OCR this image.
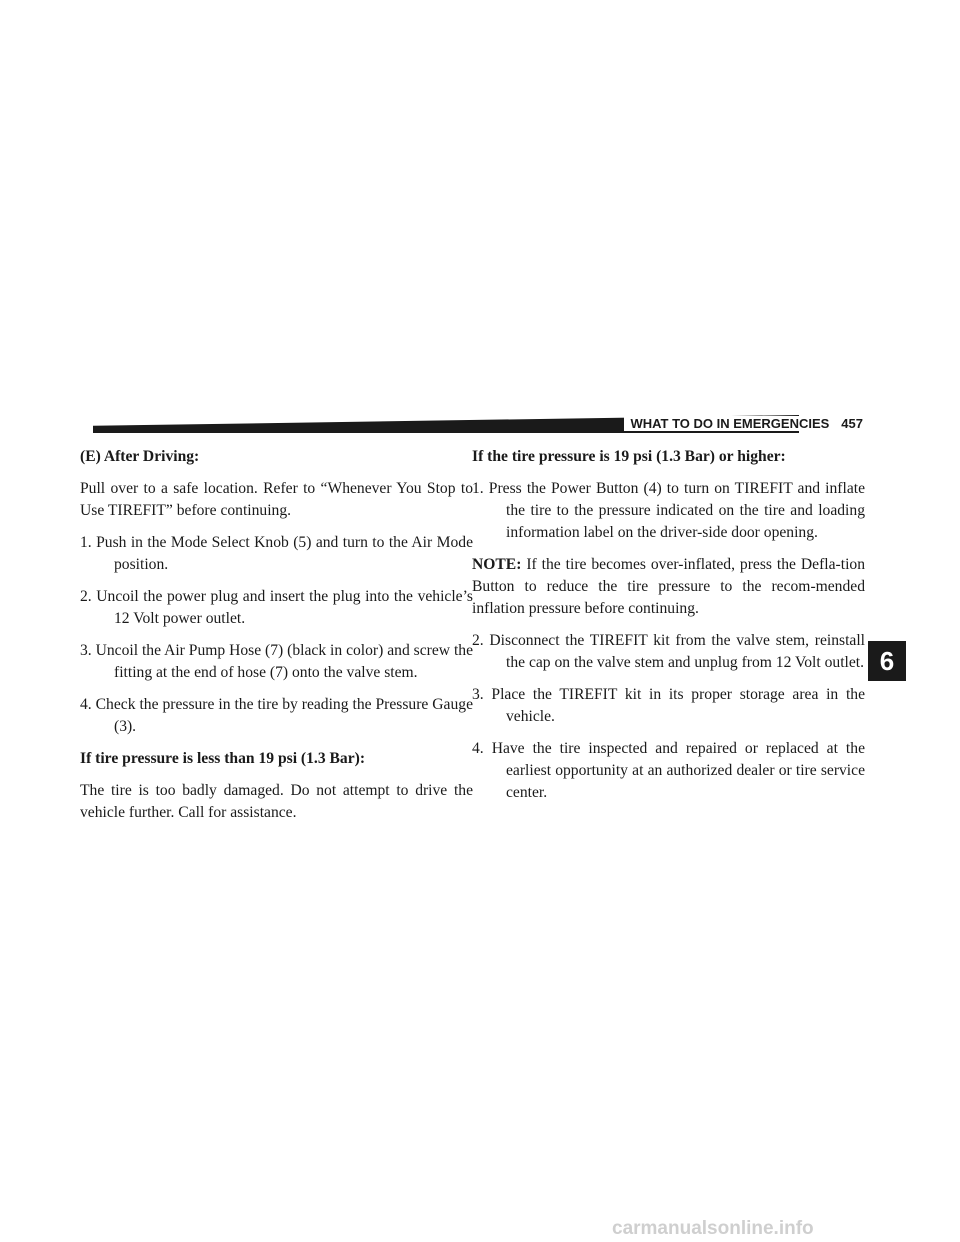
WHAT TO DO IN EMERGENCIES 457
6

(E) After Driving:

Pull over to a safe location. Refer to “Whenever You Stop to Use TIREFIT” before continuing.

1. Push in the Mode Select Knob (5) and turn to the Air Mode position.

2. Uncoil the power plug and insert the plug into the vehicle’s 12 Volt power outlet.

3. Uncoil the Air Pump Hose (7) (black in color) and screw the fitting at the end of hose (7) onto the valve stem.

4. Check the pressure in the tire by reading the Pressure Gauge (3).

If tire pressure is less than 19 psi (1.3 Bar):

The tire is too badly damaged. Do not attempt to drive the vehicle further. Call for assistance.

If the tire pressure is 19 psi (1.3 Bar) or higher:

1. Press the Power Button (4) to turn on TIREFIT and inflate the tire to the pressure indicated on the tire and loading information label on the driver-side door opening.

NOTE: If the tire becomes over-inflated, press the Defla-tion Button to reduce the tire pressure to the recom-mended inflation pressure before continuing.

2. Disconnect the TIREFIT kit from the valve stem, reinstall the cap on the valve stem and unplug from 12 Volt outlet.

3. Place the TIREFIT kit in its proper storage area in the vehicle.

4. Have the tire inspected and repaired or replaced at the earliest opportunity at an authorized dealer or tire service center.

carmanualsonline.info
